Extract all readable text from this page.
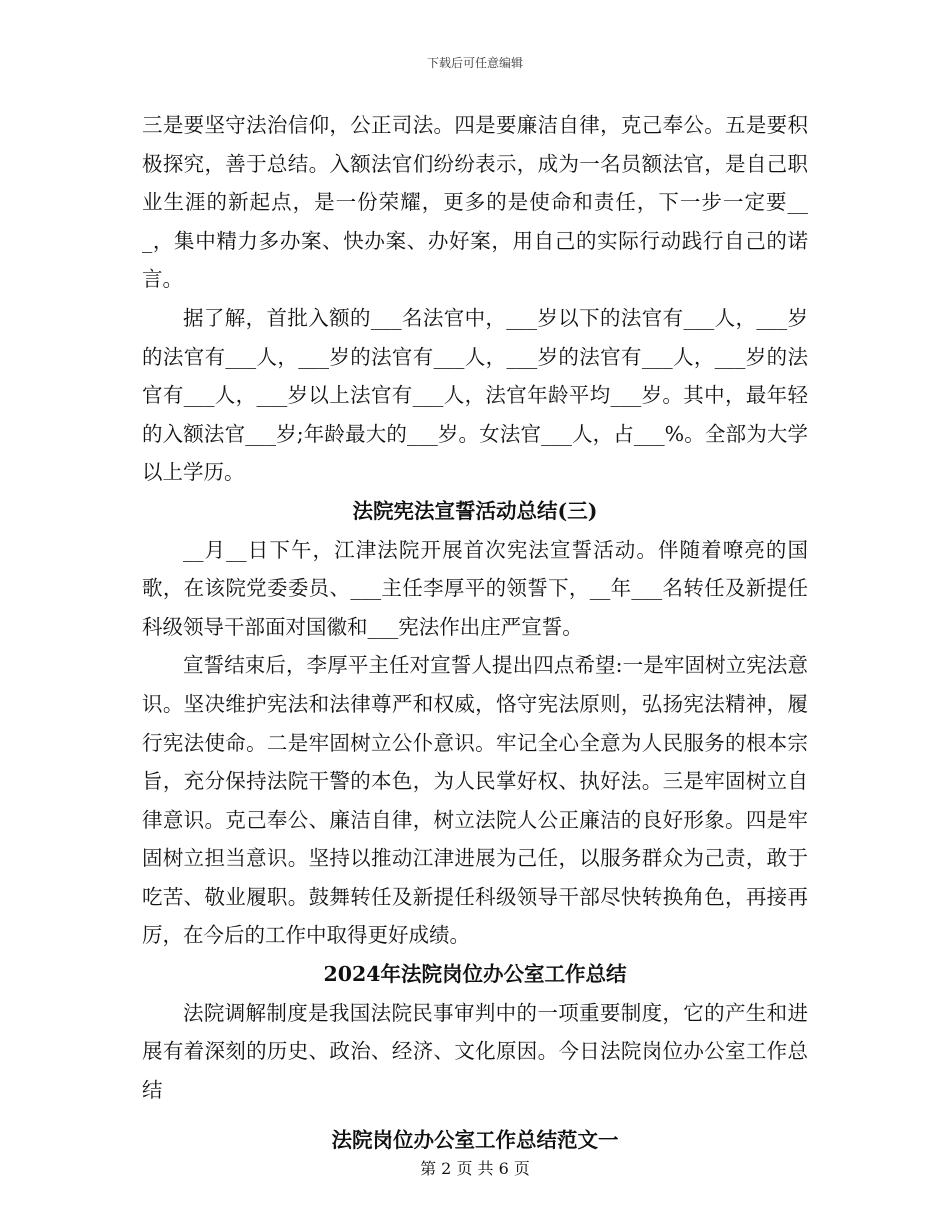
下载后可任意编辑

三是要坚守法治信仰，公正司法。四是要廉洁自律，克己奉公。五是要积极探究，善于总结。入额法官们纷纷表示，成为一名员额法官，是自己职业生涯的新起点，是一份荣耀，更多的是使命和责任，下一步一定要___，集中精力多办案、快办案、办好案，用自己的实际行动践行自己的诺言。

据了解，首批入额的___名法官中，___岁以下的法官有___人，___岁的法官有___人，___岁的法官有___人，___岁的法官有___人，___岁的法官有___人，___岁以上法官有___人，法官年龄平均___岁。其中，最年轻的入额法官___岁;年龄最大的___岁。女法官___人，占___%。全部为大学以上学历。

法院宪法宣誓活动总结(三)

__月__日下午，江津法院开展首次宪法宣誓活动。伴随着嘹亮的国歌，在该院党委委员、___主任李厚平的领誓下，__年___名转任及新提任科级领导干部面对国徽和___宪法作出庄严宣誓。

宣誓结束后，李厚平主任对宣誓人提出四点希望:一是牢固树立宪法意识。坚决维护宪法和法律尊严和权威，恪守宪法原则，弘扬宪法精神，履行宪法使命。二是牢固树立公仆意识。牢记全心全意为人民服务的根本宗旨，充分保持法院干警的本色，为人民掌好权、执好法。三是牢固树立自律意识。克己奉公、廉洁自律，树立法院人公正廉洁的良好形象。四是牢固树立担当意识。坚持以推动江津进展为己任，以服务群众为己责，敢于吃苦、敬业履职。鼓舞转任及新提任科级领导干部尽快转换角色，再接再厉，在今后的工作中取得更好成绩。

2024年法院岗位办公室工作总结

法院调解制度是我国法院民事审判中的一项重要制度，它的产生和进展有着深刻的历史、政治、经济、文化原因。今日法院岗位办公室工作总结

法院岗位办公室工作总结范文一
第 2 页 共 6 页
